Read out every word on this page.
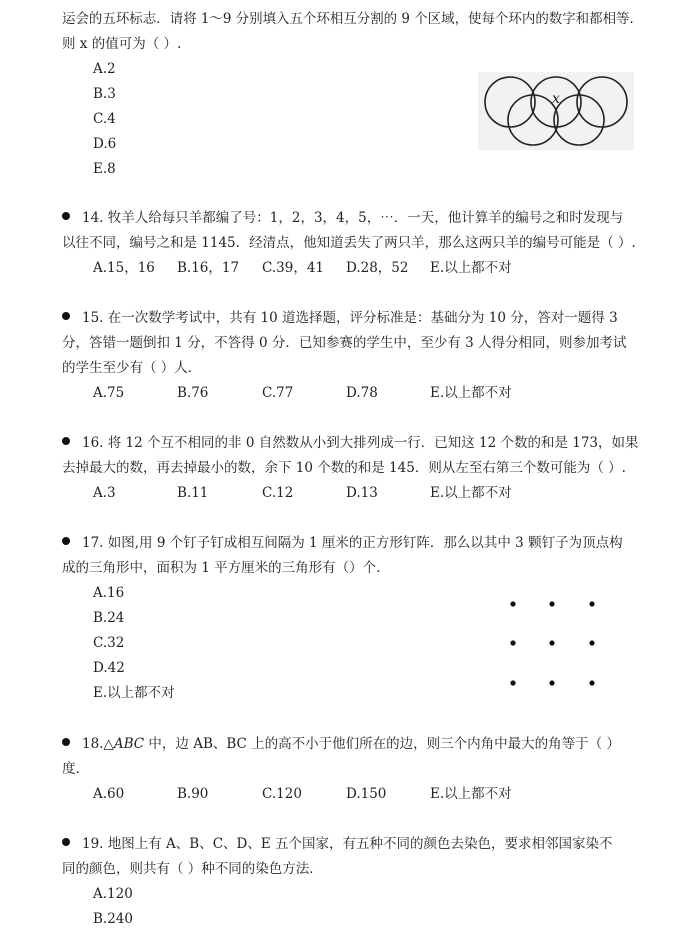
运会的五环标志．请将 1～9 分别填入五个环相互分割的 9 个区域，使每个环内的数字和都相等．
则 x 的值可为（ ）.
A.2
B.3
C.4
D.6
E.8
x
14. 牧羊人给每只羊都编了号：1，2，3，4，5，⋯．一天，他计算羊的编号之和时发现与
以往不同，编号之和是 1145．经清点，他知道丢失了两只羊，那么这两只羊的编号可能是（ ）.
A.15，16 B.16，17 C.39，41 D.28，52 E.以上都不对
15. 在一次数学考试中，共有 10 道选择题，评分标准是：基础分为 10 分，答对一题得 3
分，答错一题倒扣 1 分，不答得 0 分．已知参赛的学生中，至少有 3 人得分相同，则参加考试
的学生至少有（ ）人．
A.75	B.76	C.77	D.78	E.以上都不对
16. 将 12 个互不相同的非 0 自然数从小到大排列成一行．已知这 12 个数的和是 173，如果
去掉最大的数，再去掉最小的数，余下 10 个数的和是 145．则从左至右第三个数可能为（ ）.
A.3	B.11	C.12	D.13	E.以上都不对
17. 如图,用 9 个钉子钉成相互间隔为 1 厘米的正方形钉阵．那么以其中 3 颗钉子为顶点构
成的三角形中，面积为 1 平方厘米的三角形有（）个.
A.16
B.24
C.32
D.42
E.以上都不对
18.△ABC 中，边 AB、BC 上的高不小于他们所在的边，则三个内角中最大的角等于（ ）
度．
A.60	B.90	C.120	D.150	E.以上都不对
19. 地图上有 A、B、C、D、E 五个国家，有五种不同的颜色去染色，要求相邻国家染不
同的颜色，则共有（ ）种不同的染色方法．
A.120
B.240
